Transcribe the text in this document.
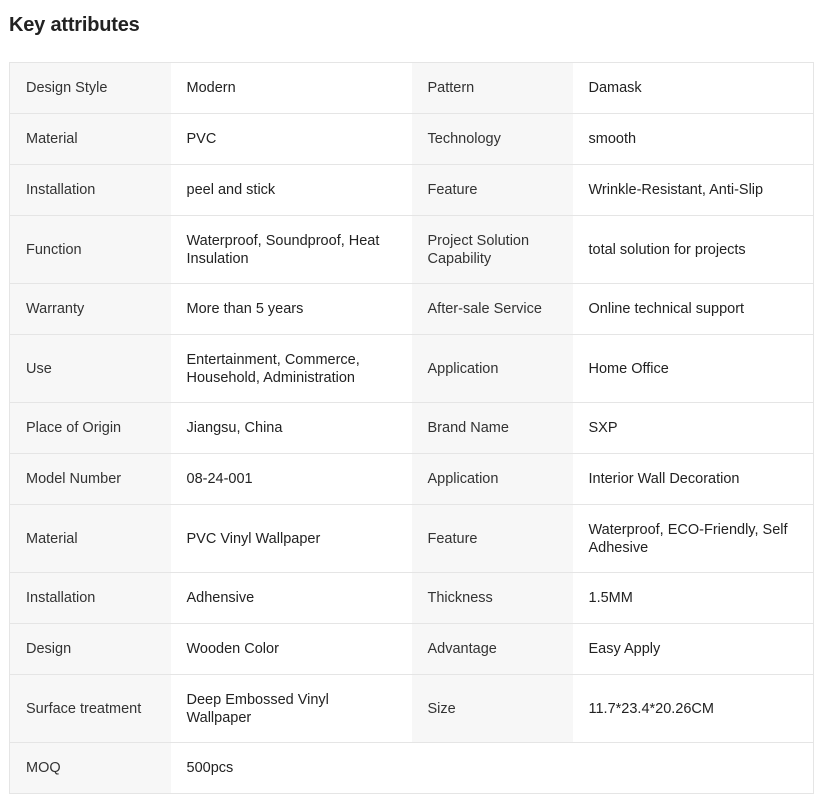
Key attributes
Design Style	Modern	Pattern	Damask
Material	PVC	Technology	smooth
Installation	peel and stick	Feature	Wrinkle-Resistant, Anti-Slip
Function	Waterproof, Soundproof, Heat Insulation	Project Solution Capability	total solution for projects
Warranty	More than 5 years	After-sale Service	Online technical support
Use	Entertainment, Commerce, Household, Administration	Application	Home Office
Place of Origin	Jiangsu, China	Brand Name	SXP
Model Number	08-24-001	Application	Interior Wall Decoration
Material	PVC Vinyl Wallpaper	Feature	Waterproof, ECO-Friendly, Self Adhesive
Installation	Adhensive	Thickness	1.5MM
Design	Wooden Color	Advantage	Easy Apply
Surface treatment	Deep Embossed Vinyl Wallpaper	Size	11.7*23.4*20.26CM
MOQ	500pcs		
